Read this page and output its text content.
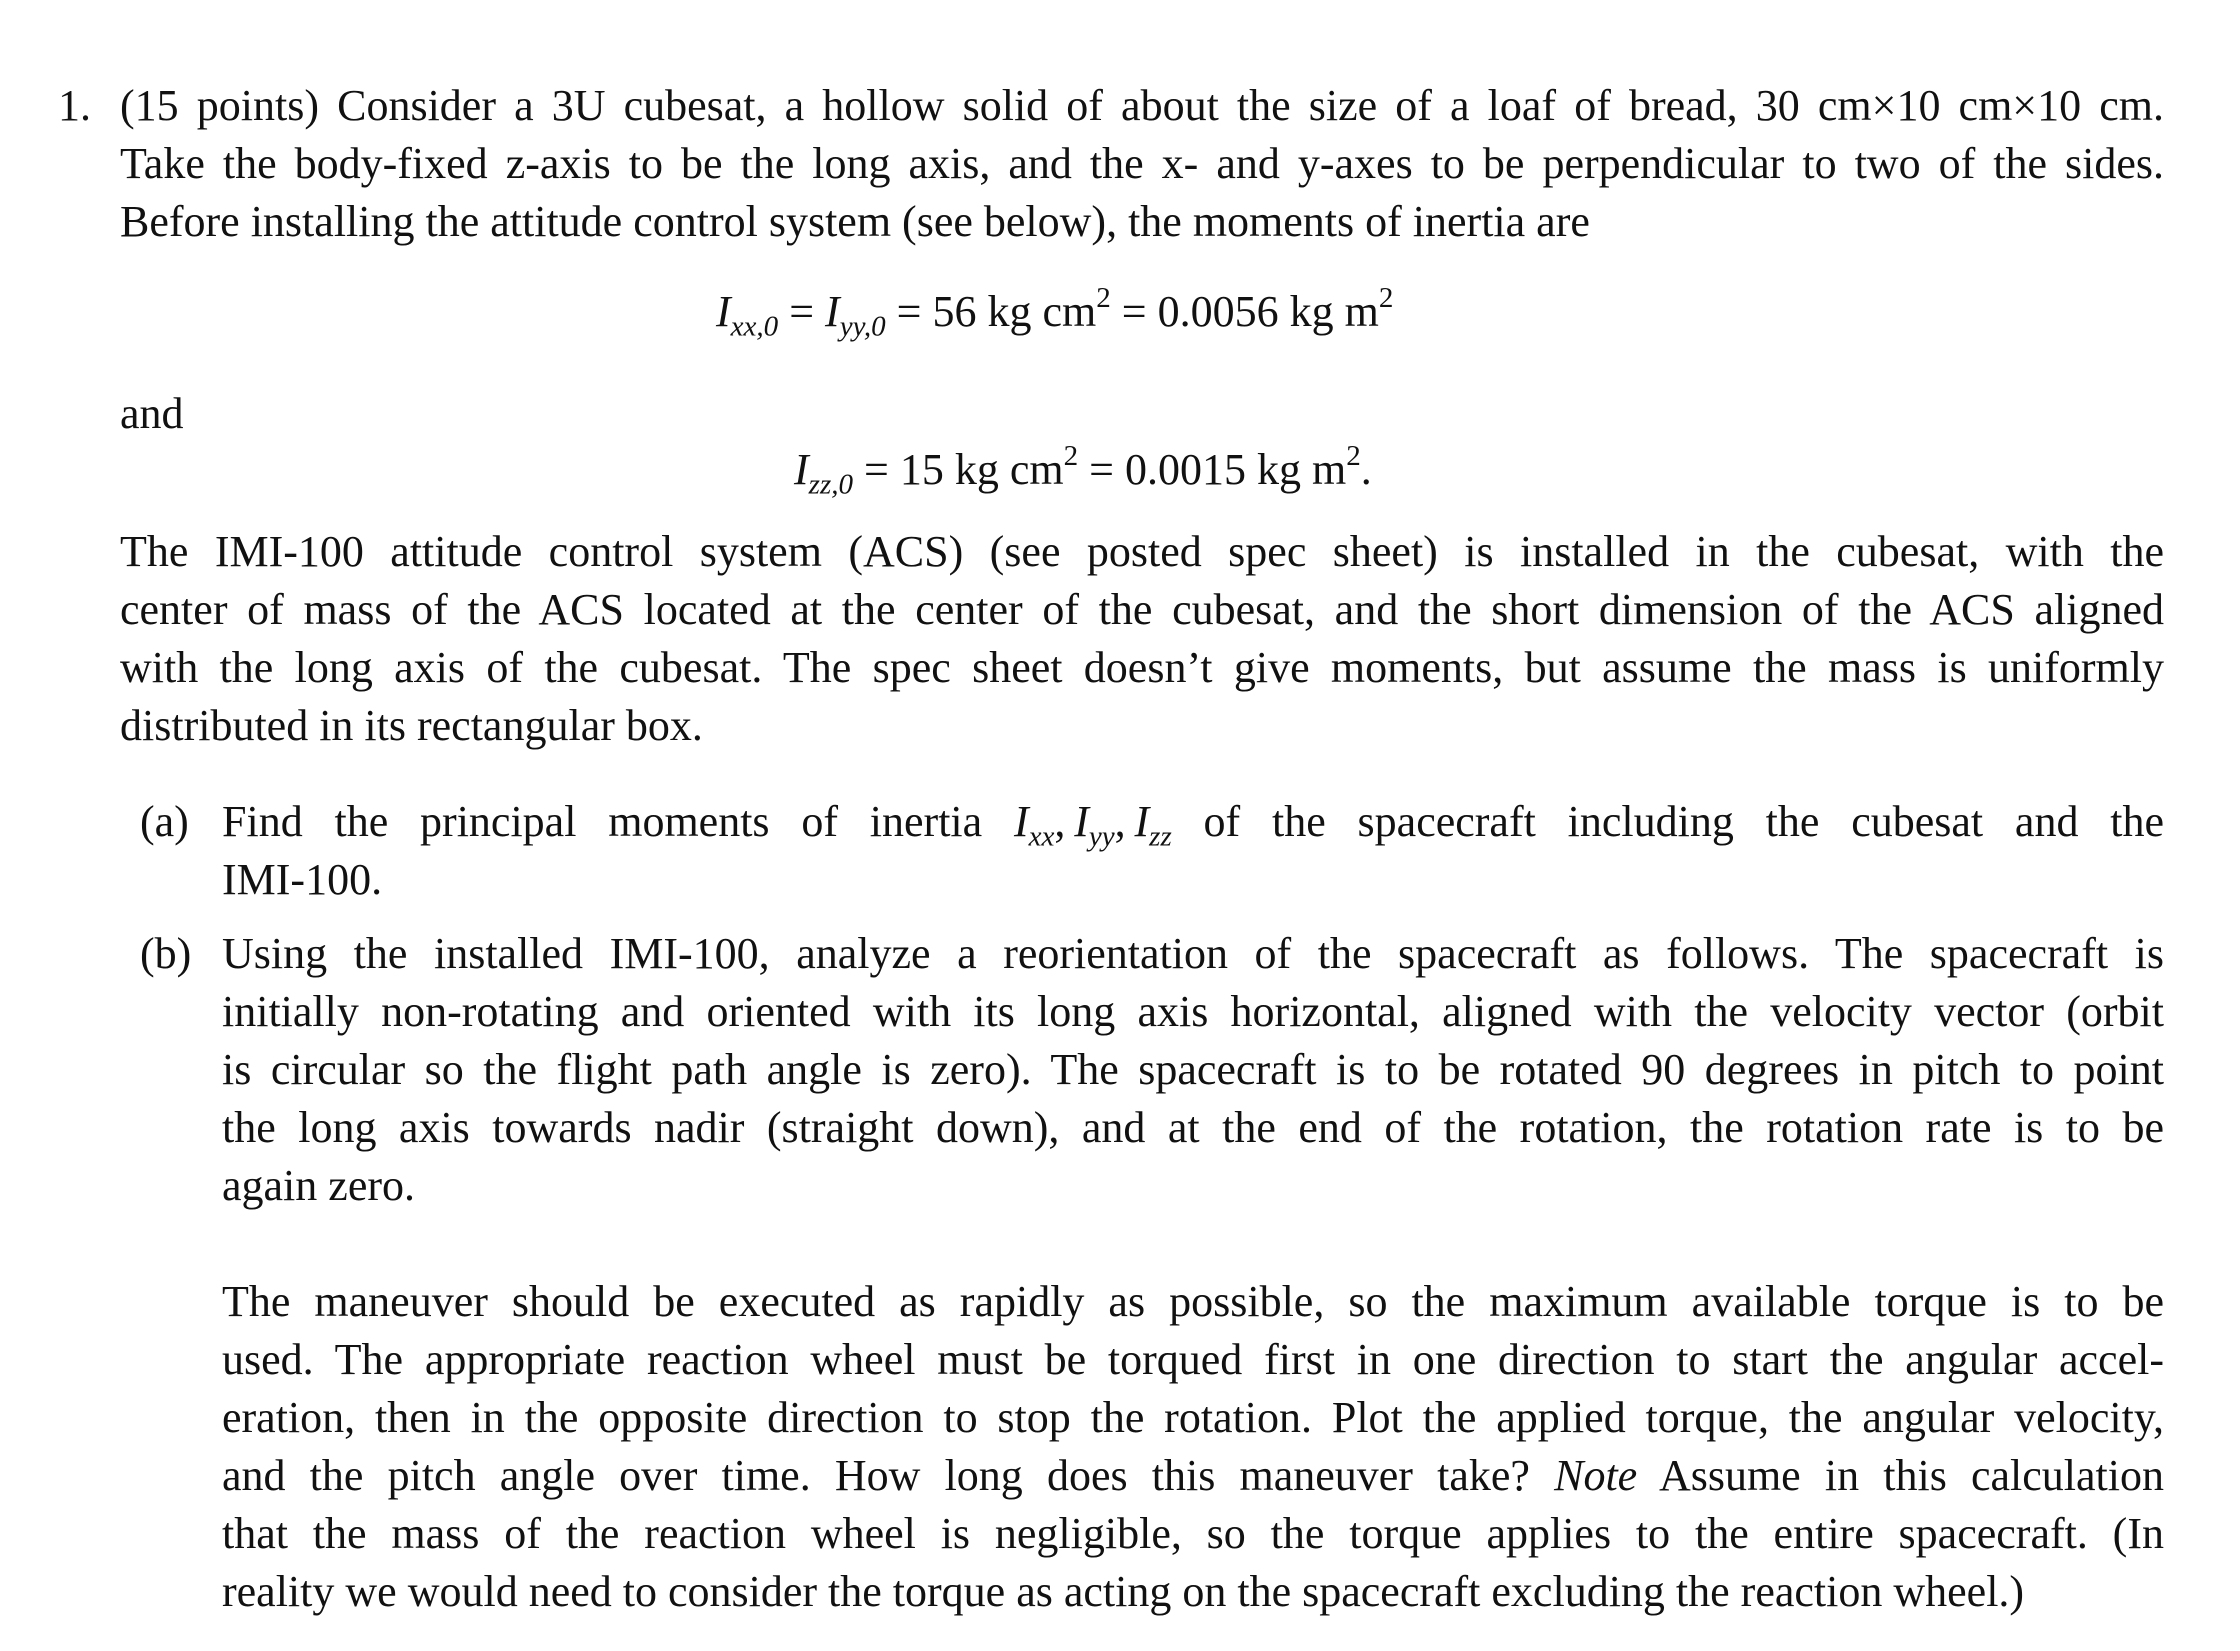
1. (15 points) Consider a 3U cubesat, a hollow solid of about the size of a loaf of bread, 30 cm×10 cm×10 cm.
Take the body-fixed z-axis to be the long axis, and the x- and y-axes to be perpendicular to two of the sides.
Before installing the attitude control system (see below), the moments of inertia are
$I_{xx,0} = I_{yy,0} = 56$ kg $cm^2 = 0.0056$ kg $m^2$
and
$I_{zz,0} = 15$ kg $cm^2 = 0.0015$ kg $m^2$.
The IMI-100 attitude control system (ACS) (see posted spec sheet) is installed in the cubesat, with the
center of mass of the ACS located at the center of the cubesat, and the short dimension of the ACS aligned
with the long axis of the cubesat. The spec sheet doesn’t give moments, but assume the mass is uniformly
distributed in its rectangular box.
(a) Find the principal moments of inertia $I_{xx}$,  $I_{yy}$,  $I_{zz}$ of the spacecraft including the cubesat and the
IMI-100.
(b) Using the installed IMI-100, analyze a reorientation of the spacecraft as follows. The spacecraft is
initially non-rotating and oriented with its long axis horizontal, aligned with the velocity vector (orbit
is circular so the flight path angle is zero). The spacecraft is to be rotated 90 degrees in pitch to point
the long axis towards nadir (straight down), and at the end of the rotation, the rotation rate is to be
again zero.
The maneuver should be executed as rapidly as possible, so the maximum available torque is to be
used. The appropriate reaction wheel must be torqued first in one direction to start the angular accel-
eration, then in the opposite direction to stop the rotation. Plot the applied torque, the angular velocity,
and the pitch angle over time. How long does this maneuver take? Note Assume in this calculation
that the mass of the reaction wheel is negligible, so the torque applies to the entire spacecraft. (In
reality we would need to consider the torque as acting on the spacecraft excluding the reaction wheel.)
